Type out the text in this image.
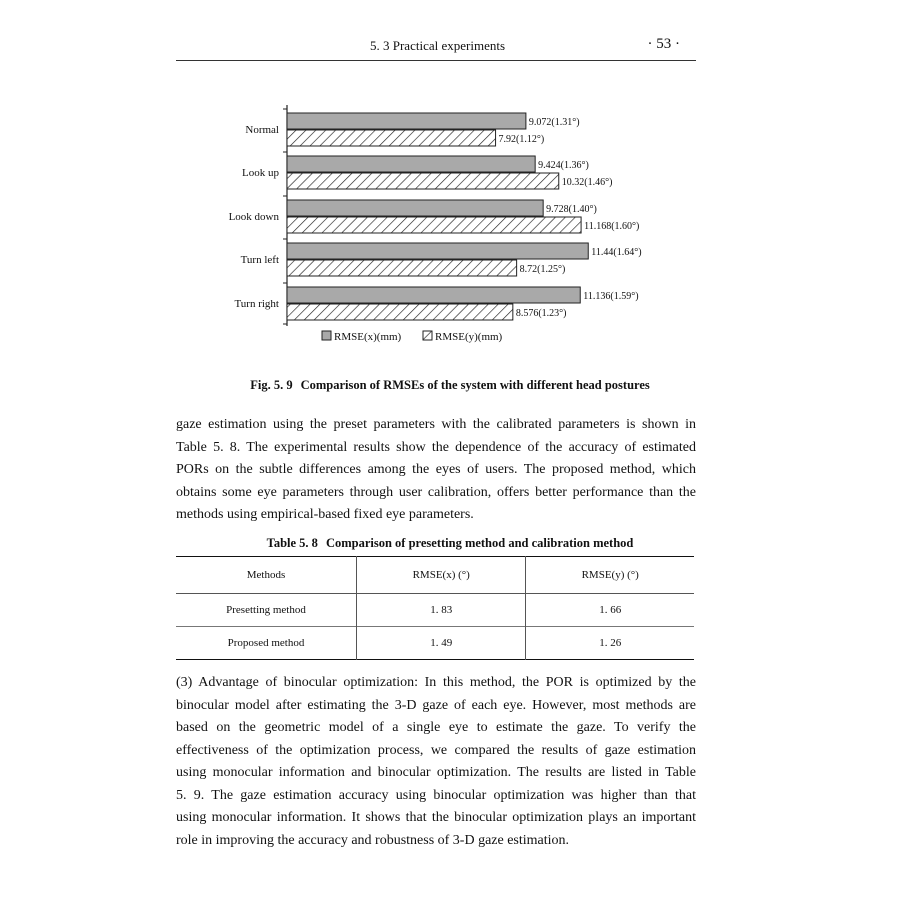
5. 3 Practical experiments	· 53 ·
Normal
9.072(1.31°)
7.92(1.12°)
Look up
9.424(1.36°)
10.32(1.46°)
Look down
9.728(1.40°)
11.168(1.60°)
Turn left
11.44(1.64°)
8.72(1.25°)
Turn right
11.136(1.59°)
8.576(1.23°)
RMSE(x)(mm)	RMSE(y)(mm)
Fig. 5. 9 Comparison of RMSEs of the system with different head postures
gaze estimation using the preset parameters with the calibrated parameters is shown in
Table 5. 8. The experimental results show the dependence of the accuracy of estimated
PORs on the subtle differences among the eyes of users. The proposed method, which
obtains some eye parameters through user calibration, offers better performance than the
methods using empirical-based fixed eye parameters.
Table 5. 8 Comparison of presetting method and calibration method
Methods	RMSE(x) (°)	RMSE(y) (°)
Presetting method	1. 83	1. 66
Proposed method	1. 49	1. 26
(3) Advantage of binocular optimization: In this method, the POR is optimized by the
binocular model after estimating the 3-D gaze of each eye. However, most methods are
based on the geometric model of a single eye to estimate the gaze. To verify the
effectiveness of the optimization process, we compared the results of gaze estimation
using monocular information and binocular optimization. The results are listed in Table
5. 9. The gaze estimation accuracy using binocular optimization was higher than that
using monocular information. It shows that the binocular optimization plays an important
role in improving the accuracy and robustness of 3-D gaze estimation.
